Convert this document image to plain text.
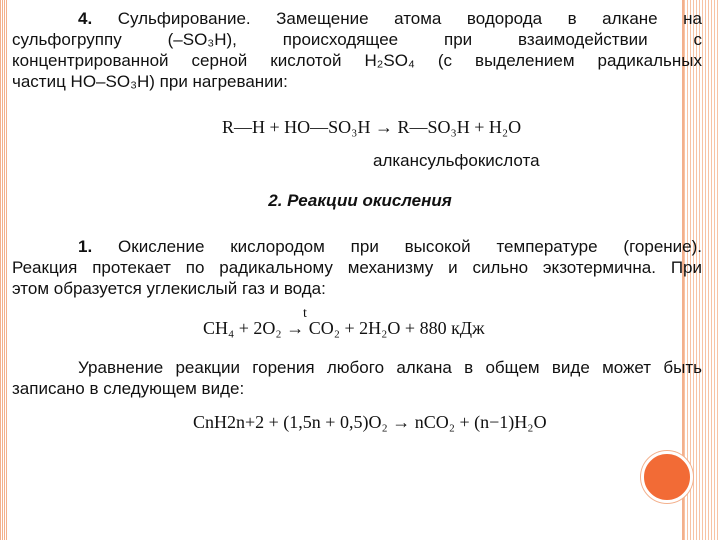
4. Сульфирование. Замещение атома водорода в алкане на

сульфогруппу (–SO₃H), происходящее при взаимодействии с

концентрированной серной кислотой H₂SO₄ (с выделением радикальных

частиц HO–SO₃H) при нагревании:

R—H + HO—SO₃H → R—SO₃H + H₂O
алкансульфокислота
2. Реакции окисления

1. Окисление кислородом при высокой температуре (горение).

Реакция протекает по радикальному механизму и сильно экзотермична. При

этом образуется углекислый газ и вода:

t
CH₄ + 2O₂ → CO₂ + 2H₂O + 880 кДж

Уравнение реакции горения любого алкана в общем виде может быть

записано в следующем виде:

CnH2n+2 + (1,5n + 0,5)O₂ → nCO₂ + (n−1)H₂O
